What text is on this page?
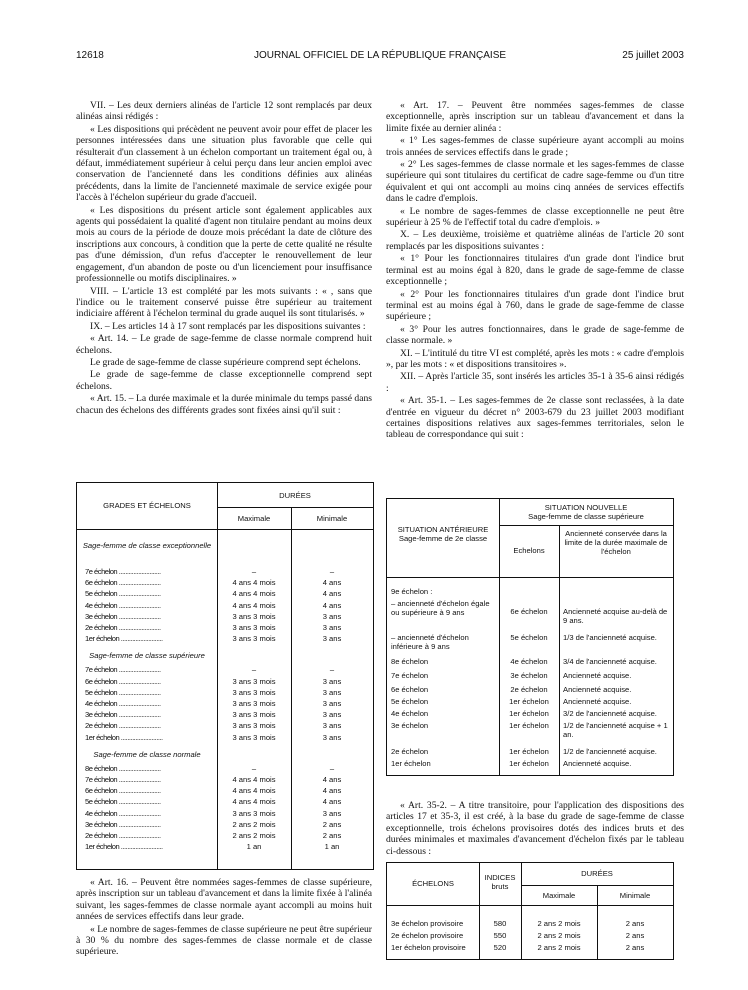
12618	JOURNAL OFFICIEL DE LA RÉPUBLIQUE FRANÇAISE	25 juillet 2003

VII. – Les deux derniers alinéas de l'article 12 sont remplacés par deux alinéas ainsi rédigés :

« Les dispositions qui précèdent ne peuvent avoir pour effet de placer les personnes intéressées dans une situation plus favorable que celle qui résulterait d'un classement à un échelon comportant un traitement égal ou, à défaut, immédiatement supérieur à celui perçu dans leur ancien emploi avec conservation de l'ancienneté dans les conditions définies aux alinéas précédents, dans la limite de l'ancienneté maximale de service exigée pour l'accès à l'échelon supérieur du grade d'accueil.

« Les dispositions du présent article sont également applicables aux agents qui possédaient la qualité d'agent non titulaire pendant au moins deux mois au cours de la période de douze mois précédant la date de clôture des inscriptions aux concours, à condition que la perte de cette qualité ne résulte pas d'une démission, d'un refus d'accepter le renouvellement de leur engagement, d'un abandon de poste ou d'un licenciement pour insuffisance professionnelle ou motifs disciplinaires. »

VIII. – L'article 13 est complété par les mots suivants : « , sans que l'indice ou le traitement conservé puisse être supérieur au traitement indiciaire afférent à l'échelon terminal du grade auquel ils sont titularisés. »

IX. – Les articles 14 à 17 sont remplacés par les dispositions suivantes :

« Art. 14. – Le grade de sage-femme de classe normale comprend huit échelons.

Le grade de sage-femme de classe supérieure comprend sept échelons.

Le grade de sage-femme de classe exceptionnelle comprend sept échelons.

« Art. 15. – La durée maximale et la durée minimale du temps passé dans chacun des échelons des différents grades sont fixées ainsi qu'il suit :

« Art. 16. – Peuvent être nommées sages-femmes de classe supérieure, après inscription sur un tableau d'avancement et dans la limite fixée à l'alinéa suivant, les sages-femmes de classe normale ayant accompli au moins huit années de services effectifs dans leur grade.

« Le nombre de sages-femmes de classe supérieure ne peut être supérieur à 30 % du nombre des sages-femmes de classe normale et de classe supérieure.

« Art. 17. – Peuvent être nommées sages-femmes de classe exceptionnelle, après inscription sur un tableau d'avancement et dans la limite fixée au dernier alinéa :

« 1° Les sages-femmes de classe supérieure ayant accompli au moins trois années de services effectifs dans le grade ;

« 2° Les sages-femmes de classe normale et les sages-femmes de classe supérieure qui sont titulaires du certificat de cadre sage-femme ou d'un titre équivalent et qui ont accompli au moins cinq années de services effectifs dans le cadre d'emplois.

« Le nombre de sages-femmes de classe exceptionnelle ne peut être supérieur à 25 % de l'effectif total du cadre d'emplois. »

X. – Les deuxième, troisième et quatrième alinéas de l'article 20 sont remplacés par les dispositions suivantes :

« 1° Pour les fonctionnaires titulaires d'un grade dont l'indice brut terminal est au moins égal à 820, dans le grade de sage-femme de classe exceptionnelle ;

« 2° Pour les fonctionnaires titulaires d'un grade dont l'indice brut terminal est au moins égal à 760, dans le grade de sage-femme de classe supérieure ;

« 3° Pour les autres fonctionnaires, dans le grade de sage-femme de classe normale. »

XI. – L'intitulé du titre VI est complété, après les mots : « cadre d'emplois », par les mots : « et dispositions transitoires ».

XII. – Après l'article 35, sont insérés les articles 35-1 à 35-6 ainsi rédigés :

« Art. 35-1. – Les sages-femmes de 2e classe sont reclassées, à la date d'entrée en vigueur du décret n° 2003-679 du 23 juillet 2003 modifiant certaines dispositions relatives aux sages-femmes territoriales, selon le tableau de correspondance qui suit :

« Art. 35-2. – A titre transitoire, pour l'application des dispositions des articles 17 et 35-3, il est créé, à la base du grade de sage-femme de classe exceptionnelle, trois échelons provisoires dotés des indices bruts et des durées minimales et maximales d'avancement d'échelon fixés par le tableau ci-dessous :

GRADES ET ÉCHELONS
DURÉES
Maximale	Minimale
Sage-femme de classe exceptionnelle
7e échelon ..........................	–	–
6e échelon ..........................	4 ans 4 mois	4 ans
5e échelon ..........................	4 ans 4 mois	4 ans
4e échelon ..........................	4 ans 4 mois	4 ans
3e échelon ..........................	3 ans 3 mois	3 ans
2e échelon ..........................	3 ans 3 mois	3 ans
1er échelon ..........................	3 ans 3 mois	3 ans
Sage-femme de classe supérieure
7e échelon ..........................	–	–
6e échelon ..........................	3 ans 3 mois	3 ans
5e échelon ..........................	3 ans 3 mois	3 ans
4e échelon ..........................	3 ans 3 mois	3 ans
3e échelon ..........................	3 ans 3 mois	3 ans
2e échelon ..........................	3 ans 3 mois	3 ans
1er échelon ..........................	3 ans 3 mois	3 ans
Sage-femme de classe normale
8e échelon ..........................	–	–
7e échelon ..........................	4 ans 4 mois	4 ans
6e échelon ..........................	4 ans 4 mois	4 ans
5e échelon ..........................	4 ans 4 mois	4 ans
4e échelon ..........................	3 ans 3 mois	3 ans
3e échelon ..........................	2 ans 2 mois	2 ans
2e échelon ..........................	2 ans 2 mois	2 ans
1er échelon ..........................	1 an	1 an
SITUATION ANTÉRIEURE
Sage-femme de 2e classe
SITUATION NOUVELLE
Sage-femme de classe supérieure
Echelons
Ancienneté conservée dans la limite de la durée maximale de l'échelon
9e échelon :
– ancienneté d'échelon égale ou supérieure à 9 ans	6e échelon	Ancienneté acquise au-delà de 9 ans.
– ancienneté d'échelon inférieure à 9 ans
5e échelon	1/3 de l'ancienneté acquise.
8e échelon	4e échelon	3/4 de l'ancienneté acquise.
7e échelon	3e échelon	Ancienneté acquise.
6e échelon	2e échelon	Ancienneté acquise.
5e échelon	1er échelon	Ancienneté acquise.
4e échelon	1er échelon	3/2 de l'ancienneté acquise.
3e échelon	1er échelon	1/2 de l'ancienneté acquise + 1 an.
2e échelon	1er échelon	1/2 de l'ancienneté acquise.
1er échelon	1er échelon	Ancienneté acquise.
ÉCHELONS
INDICES bruts
DURÉES
Maximale	Minimale
3e échelon provisoire	580	2 ans 2 mois	2 ans
2e échelon provisoire	550	2 ans 2 mois	2 ans
1er échelon provisoire	520	2 ans 2 mois	2 ans
